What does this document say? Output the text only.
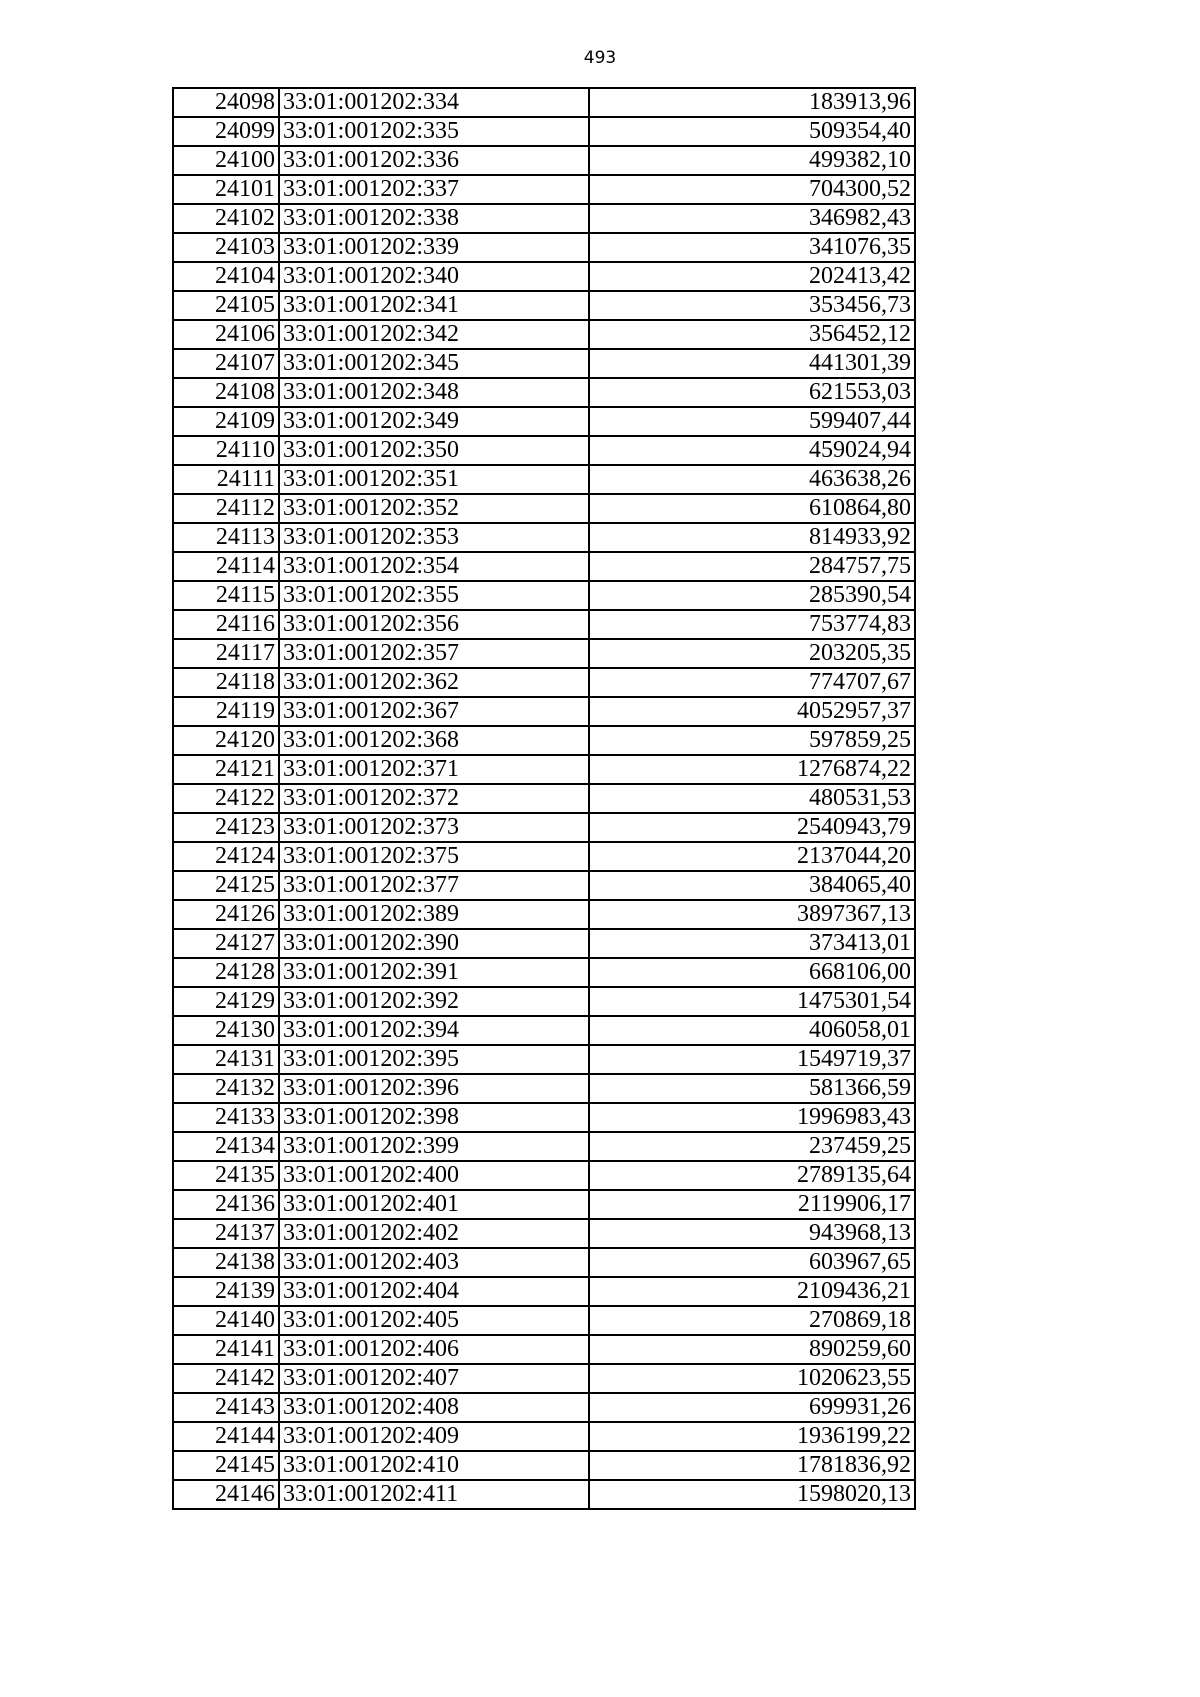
493
24098	33:01:001202:334	183913,96
24099	33:01:001202:335	509354,40
24100	33:01:001202:336	499382,10
24101	33:01:001202:337	704300,52
24102	33:01:001202:338	346982,43
24103	33:01:001202:339	341076,35
24104	33:01:001202:340	202413,42
24105	33:01:001202:341	353456,73
24106	33:01:001202:342	356452,12
24107	33:01:001202:345	441301,39
24108	33:01:001202:348	621553,03
24109	33:01:001202:349	599407,44
24110	33:01:001202:350	459024,94
24111	33:01:001202:351	463638,26
24112	33:01:001202:352	610864,80
24113	33:01:001202:353	814933,92
24114	33:01:001202:354	284757,75
24115	33:01:001202:355	285390,54
24116	33:01:001202:356	753774,83
24117	33:01:001202:357	203205,35
24118	33:01:001202:362	774707,67
24119	33:01:001202:367	4052957,37
24120	33:01:001202:368	597859,25
24121	33:01:001202:371	1276874,22
24122	33:01:001202:372	480531,53
24123	33:01:001202:373	2540943,79
24124	33:01:001202:375	2137044,20
24125	33:01:001202:377	384065,40
24126	33:01:001202:389	3897367,13
24127	33:01:001202:390	373413,01
24128	33:01:001202:391	668106,00
24129	33:01:001202:392	1475301,54
24130	33:01:001202:394	406058,01
24131	33:01:001202:395	1549719,37
24132	33:01:001202:396	581366,59
24133	33:01:001202:398	1996983,43
24134	33:01:001202:399	237459,25
24135	33:01:001202:400	2789135,64
24136	33:01:001202:401	2119906,17
24137	33:01:001202:402	943968,13
24138	33:01:001202:403	603967,65
24139	33:01:001202:404	2109436,21
24140	33:01:001202:405	270869,18
24141	33:01:001202:406	890259,60
24142	33:01:001202:407	1020623,55
24143	33:01:001202:408	699931,26
24144	33:01:001202:409	1936199,22
24145	33:01:001202:410	1781836,92
24146	33:01:001202:411	1598020,13
